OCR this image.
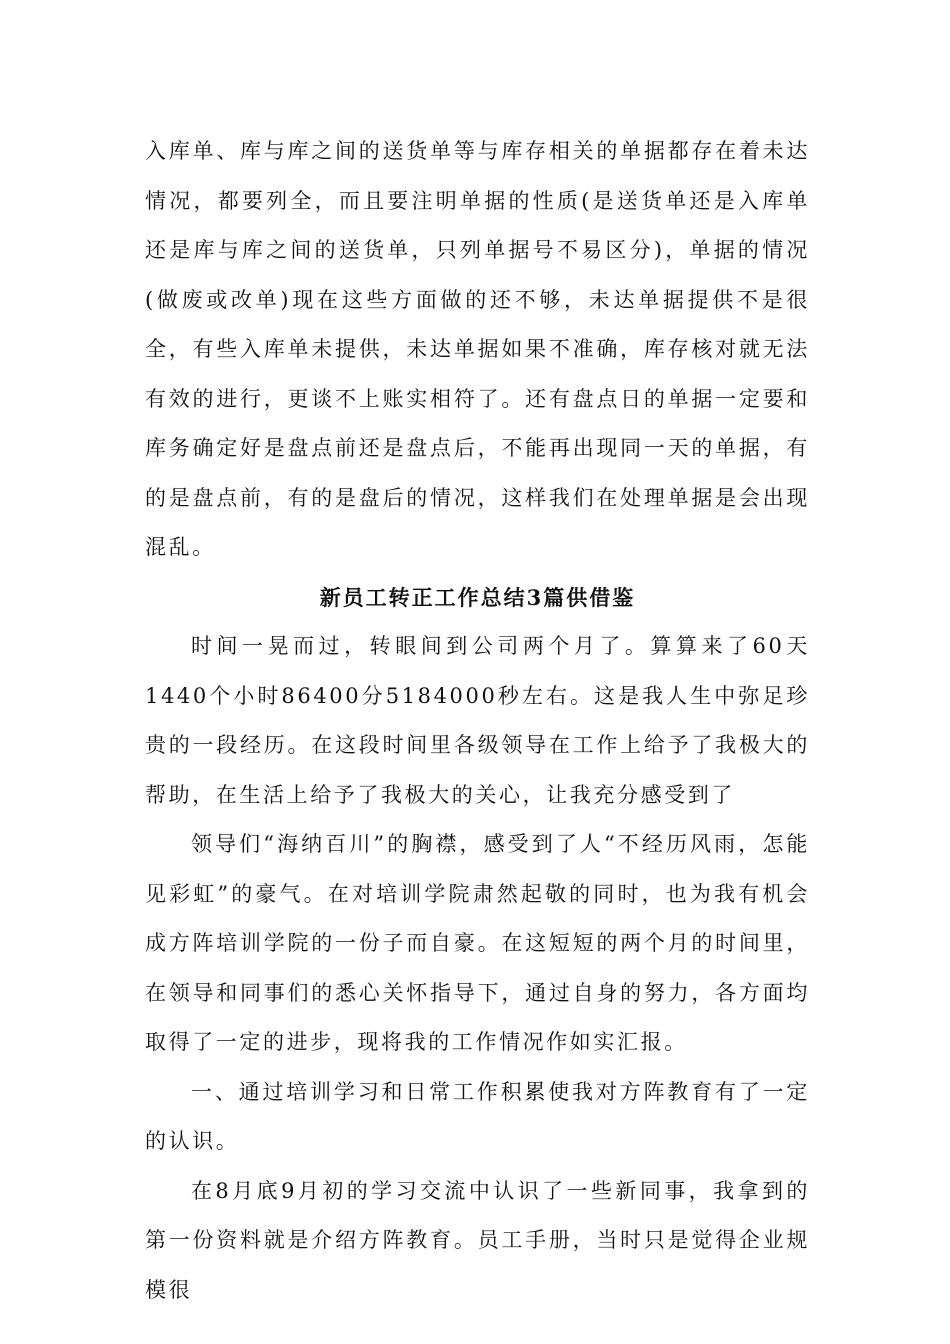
入库单、库与库之间的送货单等与库存相关的单据都存在着未达情况，都要列全，而且要注明单据的性质(是送货单还是入库单还是库与库之间的送货单，只列单据号不易区分)，单据的情况(做废或改单)现在这些方面做的还不够，未达单据提供不是很全，有些入库单未提供，未达单据如果不准确，库存核对就无法有效的进行，更谈不上账实相符了。还有盘点日的单据一定要和库务确定好是盘点前还是盘点后，不能再出现同一天的单据，有的是盘点前，有的是盘后的情况，这样我们在处理单据是会出现混乱。

新员工转正工作总结3篇供借鉴

时间一晃而过，转眼间到公司两个月了。算算来了60天1440个小时86400分5184000秒左右。这是我人生中弥足珍贵的一段经历。在这段时间里各级领导在工作上给予了我极大的帮助，在生活上给予了我极大的关心，让我充分感受到了

领导们“海纳百川”的胸襟，感受到了人“不经历风雨，怎能见彩虹”的豪气。在对培训学院肃然起敬的同时，也为我有机会成方阵培训学院的一份子而自豪。在这短短的两个月的时间里，在领导和同事们的悉心关怀指导下，通过自身的努力，各方面均取得了一定的进步，现将我的工作情况作如实汇报。

一、通过培训学习和日常工作积累使我对方阵教育有了一定的认识。

在8月底9月初的学习交流中认识了一些新同事，我拿到的第一份资料就是介绍方阵教育。员工手册，当时只是觉得企业规模很
